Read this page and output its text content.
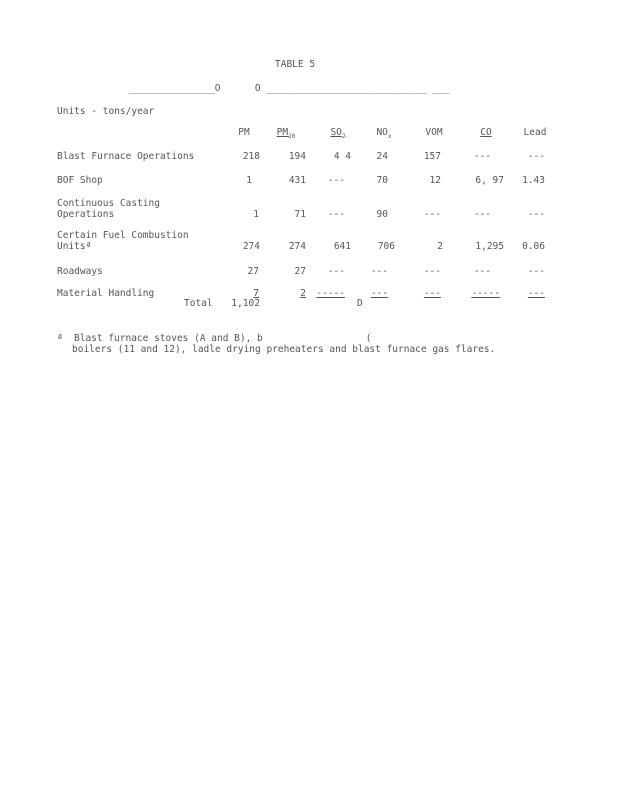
TABLE 5
_______________O      O ____________________________ ___
Units - tons/year
PM	$PM_{10}$	$SO_2$	$NO_x$	VOM	CO	Lead
Blast Furnace Operations	218	194	4 4	24	157	---	---
BOF Shop	1	431	---	70	12	6, 97	1.43
Continuous Casting
Operations	1	71	---	90	---	---	---
Certain Fuel Combustion
Unitsª	274	274	641	706	2	1,295	0.06
Roadways	27	27	---	---	---	---	---
Material Handling	7	2	-----	---	---	-----	---
Total	1,102	D
ª Blast furnace stoves (A and B), b                  (
boilers (11 and 12), ladle drying preheaters and blast furnace gas flares.
